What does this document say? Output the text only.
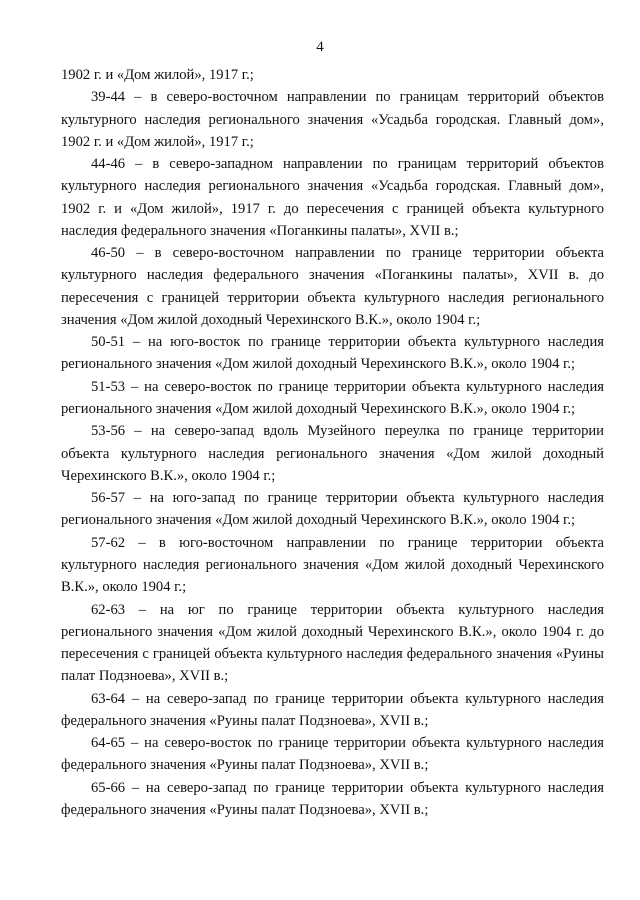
4

1902 г. и «Дом жилой», 1917 г.;

39-44 – в северо-восточном направлении по границам территорий объектов культурного наследия регионального значения «Усадьба городская. Главный дом», 1902 г. и «Дом жилой», 1917 г.;

44-46 – в северо-западном направлении по границам территорий объектов культурного наследия регионального значения «Усадьба городская. Главный дом», 1902 г. и «Дом жилой», 1917 г. до пересечения с границей объекта культурного наследия федерального значения «Поганкины палаты», XVII в.;

46-50 – в северо-восточном направлении по границе территории объекта культурного наследия федерального значения «Поганкины палаты», XVII в. до пересечения с границей территории объекта культурного наследия регионального значения «Дом жилой доходный Черехинского В.К.», около 1904 г.;

50-51 – на юго-восток по границе территории объекта культурного наследия регионального значения «Дом жилой доходный Черехинского В.К.», около 1904 г.;

51-53 – на северо-восток по границе территории объекта культурного наследия регионального значения «Дом жилой доходный Черехинского В.К.», около 1904 г.;

53-56 – на северо-запад вдоль Музейного переулка по границе территории объекта культурного наследия регионального значения «Дом жилой доходный Черехинского В.К.», около 1904 г.;

56-57 – на юго-запад по границе территории объекта культурного наследия регионального значения «Дом жилой доходный Черехинского В.К.», около 1904 г.;

57-62 – в юго-восточном направлении по границе территории объекта культурного наследия регионального значения «Дом жилой доходный Черехинского В.К.», около 1904 г.;

62-63 – на юг по границе территории объекта культурного наследия регионального значения «Дом жилой доходный Черехинского В.К.», около 1904 г. до пересечения с границей объекта культурного наследия федерального значения «Руины палат Подзноева», XVII в.;

63-64 – на северо-запад по границе территории объекта культурного наследия федерального значения «Руины палат Подзноева», XVII в.;

64-65 – на северо-восток по границе территории объекта культурного наследия федерального значения «Руины палат Подзноева», XVII в.;

65-66 – на северо-запад по границе территории объекта культурного наследия федерального значения «Руины палат Подзноева», XVII в.;
